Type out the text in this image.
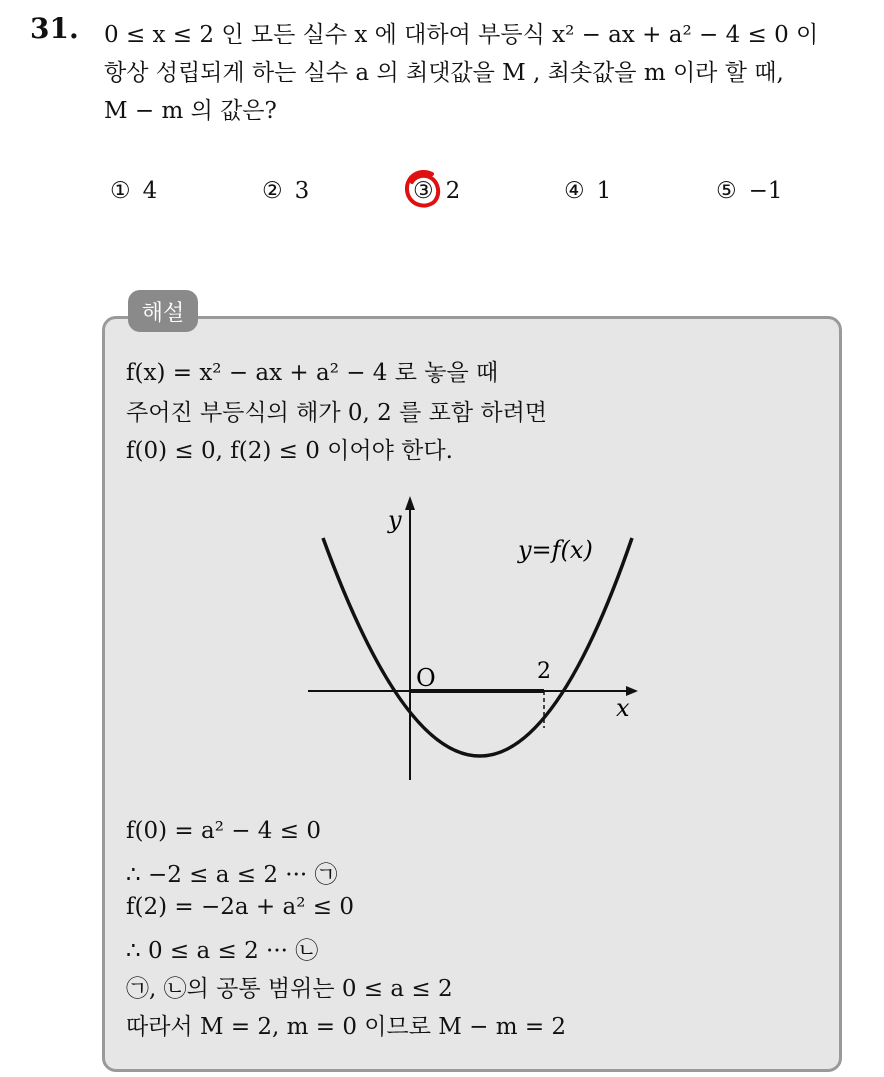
31. 0 ≤ x ≤ 2 인 모든 실수 x 에 대하여 부등식 x² − ax + a² − 4 ≤ 0 이
항상 성립되게 하는 실수 a 의 최댓값을 M , 최솟값을 m 이라 할 때,
M − m 의 값은?
① 4	② 3	③ 2	④ 1	⑤ −1
해설
f(x) = x² − ax + a² − 4 로 놓을 때
주어진 부등식의 해가 0, 2 를 포함 하려면
f(0) ≤ 0, f(2) ≤ 0 이어야 한다.
y
x
O	2
y=f(x)
f(0) = a² − 4 ≤ 0
∴ −2 ≤ a ≤ 2 ··· ㉠
f(2) = −2a + a² ≤ 0
∴ 0 ≤ a ≤ 2 ··· ㉡
㉠, ㉡의 공통 범위는 0 ≤ a ≤ 2
따라서 M = 2, m = 0 이므로 M − m = 2
